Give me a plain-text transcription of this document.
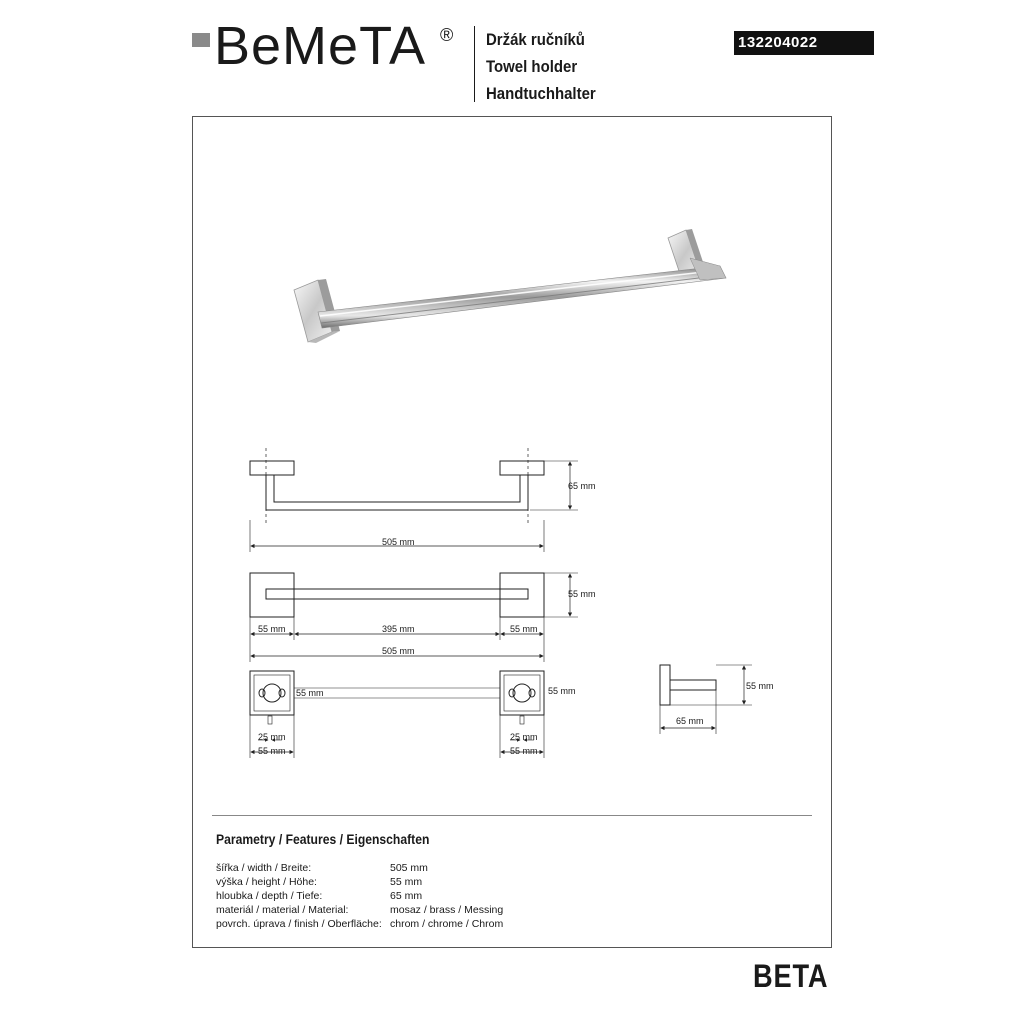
BeMeTA ® Držák ručníků
Towel holder
Handtuchhalter
132204022
65 mm
505 mm
55 mm
55 mm	395 mm	55 mm
505 mm
55 mm	55 mm
25 mm
55 mm
25 mm
55 mm
55 mm
65 mm
Parametry / Features / Eigenschaften
šířka / width / Breite:	505 mm
výška / height / Höhe:	55 mm
hloubka / depth / Tiefe:	65 mm
materiál / material / Material:	mosaz / brass / Messing
povrch. úprava / finish / Oberfläche: chrom / chrome / Chrom
BETA
